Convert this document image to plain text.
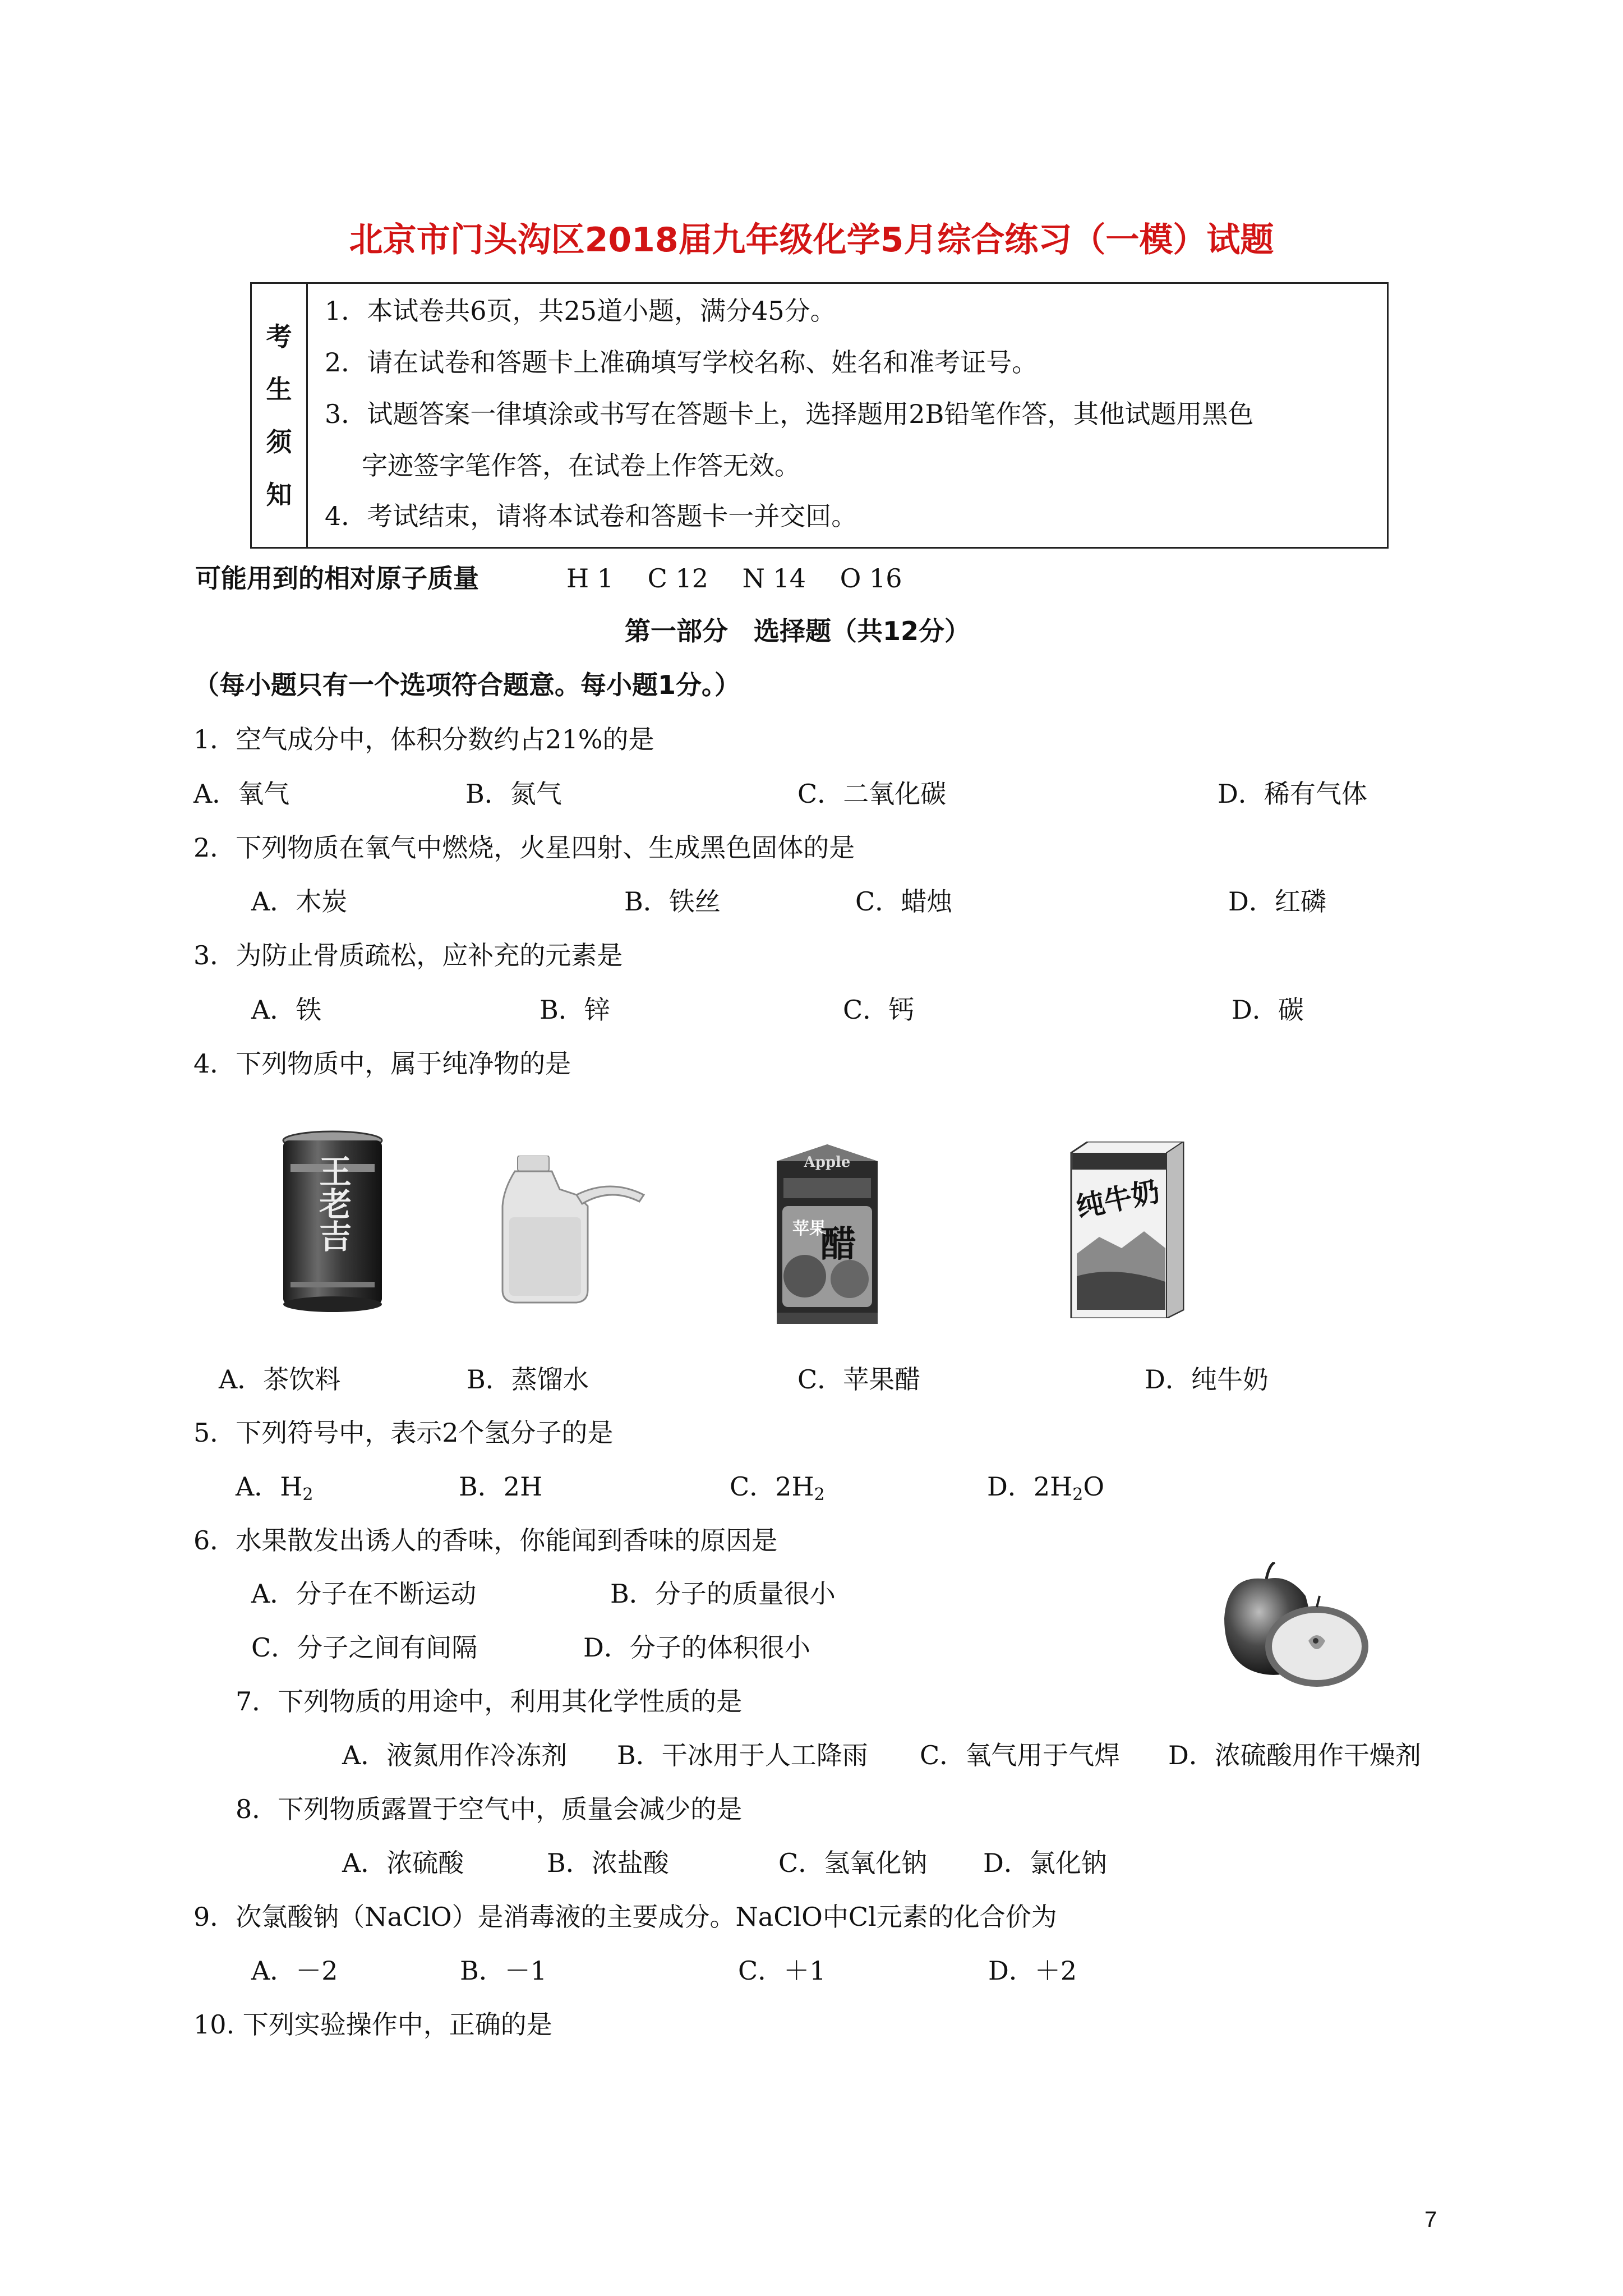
北京市门头沟区2018届九年级化学5月综合练习（一模）试题
考
生
须
知
1．本试卷共6页，共25道小题，满分45分。
2．请在试卷和答题卡上准确填写学校名称、姓名和准考证号。
3．试题答案一律填涂或书写在答题卡上，选择题用2B铅笔作答，其他试题用黑色
字迹签字笔作答，在试卷上作答无效。
4．考试结束，请将本试卷和答题卡一并交回。
可能用到的相对原子质量	H 1　 C 12　 N 14　 O 16
第一部分　选择题（共12分）
（每小题只有一个选项符合题意。每小题1分。）
1．空气成分中，体积分数约占21%的是
A．氧气	B．氮气	C．二氧化碳	D．稀有气体
2．下列物质在氧气中燃烧，火星四射、生成黑色固体的是
A．木炭	B．铁丝	C．蜡烛	D．红磷
3．为防止骨质疏松，应补充的元素是
A．铁	B．锌	C．钙	D．碳
4．下列物质中，属于纯净物的是
王老吉	Apple
苹果
醋
纯牛奶
A．茶饮料	B．蒸馏水	C．苹果醋	D．纯牛奶
5．下列符号中，表示2个氢分子的是
A．$H_2$	B．2H	C．$2H_2$	D．$2H_2O$
6．水果散发出诱人的香味，你能闻到香味的原因是
A．分子在不断运动	B．分子的质量很小
C．分子之间有间隔	D．分子的体积很小
7．下列物质的用途中，利用其化学性质的是
A．液氮用作冷冻剂 B．干冰用于人工降雨 C．氧气用于气焊 D．浓硫酸用作干燥剂
8．下列物质露置于空气中，质量会减少的是
A．浓硫酸	B．浓盐酸	C．氢氧化钠 D．氯化钠
9．次氯酸钠（NaClO）是消毒液的主要成分。NaClO中Cl元素的化合价为
A．－2	B．－1	C．＋1	D．＋2
10. 下列实验操作中，正确的是
7
